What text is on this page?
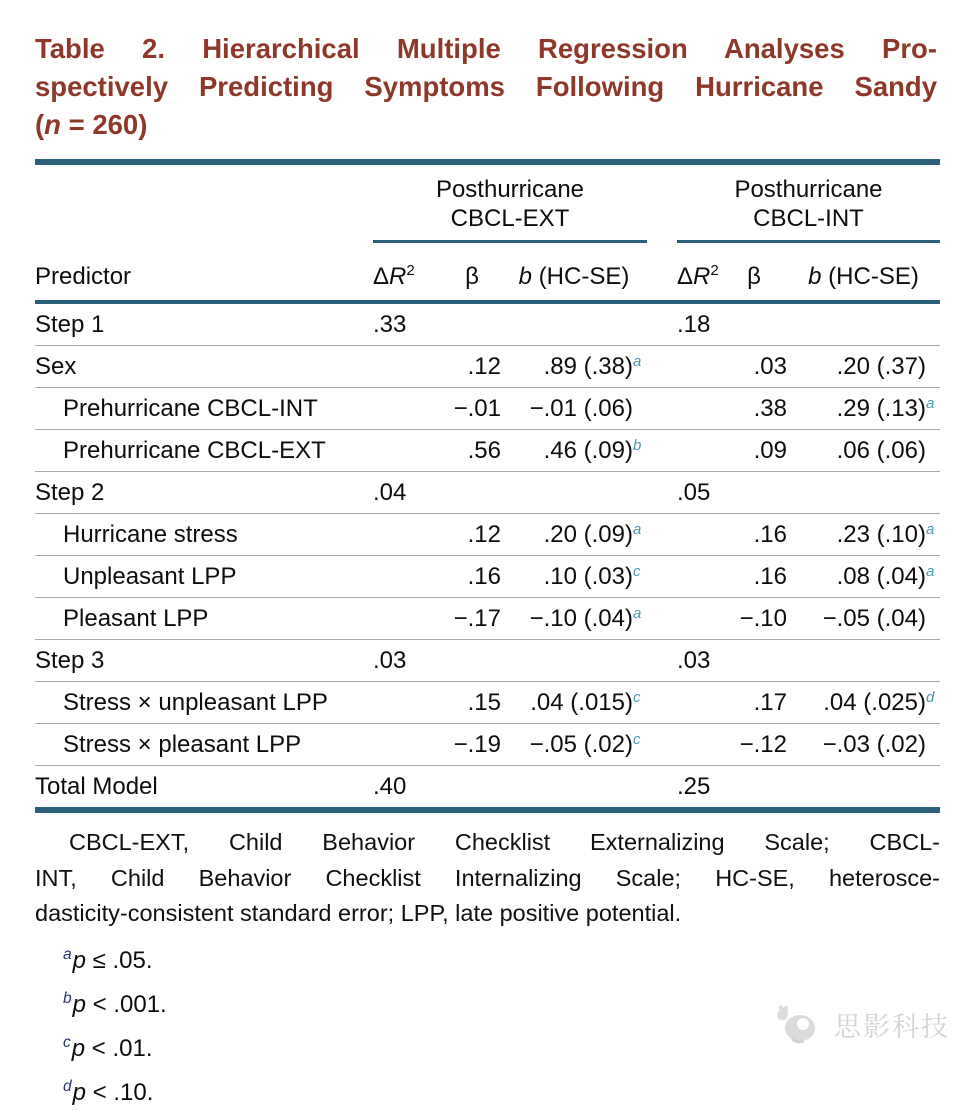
Table 2. Hierarchical Multiple Regression Analyses Pro-
spectively Predicting Symptoms Following Hurricane Sandy
(n = 260)

Posthurricane
CBCL-EXT

Posthurricane
CBCL-INT

Predictor	$\Delta R^2$	β	b (HC-SE)	$\Delta R^2$	β	b (HC-SE)
Step 1	.33			.18		
Sex		.12	.89 $(.38)^a$		.03	.20 (.37)
Prehurricane CBCL-INT		−.01	−.01 (.06)		.38	.29 $(.13)^a$
Prehurricane CBCL-EXT		.56	.46 $(.09)^b$		.09	.06 (.06)
Step 2	.04			.05		
Hurricane stress		.12	.20 $(.09)^a$		.16	.23 $(.10)^a$
Unpleasant LPP		.16	.10 $(.03)^c$		.16	.08 $(.04)^a$
Pleasant LPP		−.17	−.10 $(.04)^a$		−.10	−.05 (.04)
Step 3	.03			.03		
Stress × unpleasant LPP		.15	.04 $(.015)^c$		.17	.04 $(.025)^d$
Stress × pleasant LPP		−.19	−.05 $(.02)^c$		−.12	−.03 (.02)
Total Model	.40			.25		
CBCL-EXT, Child Behavior Checklist Externalizing Scale; CBCL-
INT, Child Behavior Checklist Internalizing Scale; HC-SE, heterosce-
dasticity-consistent standard error; LPP, late positive potential.
$^a$p ≤ .05.
$^b$p < .001.
$^c$p < .01.
$^d$p < .10.
思影科技
